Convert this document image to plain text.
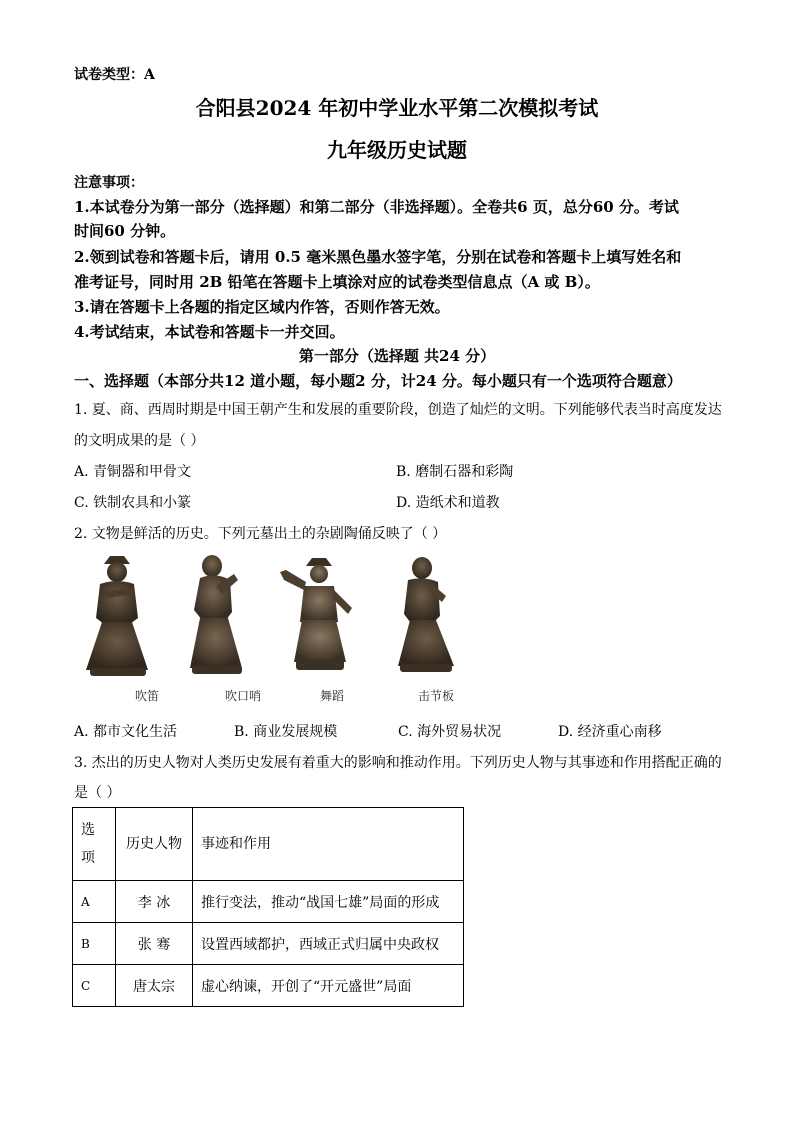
试卷类型：A
合阳县2024 年初中学业水平第二次模拟考试
九年级历史试题
注意事项：
1.本试卷分为第一部分（选择题）和第二部分（非选择题）。全卷共6 页，总分60 分。考试
时间60 分钟。
2.领到试卷和答题卡后，请用 0.5 毫米黑色墨水签字笔，分别在试卷和答题卡上填写姓名和
准考证号，同时用 2B 铅笔在答题卡上填涂对应的试卷类型信息点（A 或 B）。
3.请在答题卡上各题的指定区域内作答，否则作答无效。
4.考试结束，本试卷和答题卡一并交回。
第一部分（选择题 共24 分）
一、选择题（本部分共12 道小题，每小题2 分，计24 分。每小题只有一个选项符合题意）
1. 夏、商、西周时期是中国王朝产生和发展的重要阶段，创造了灿烂的文明。下列能够代表当时高度发达
的文明成果的是（ ）
A. 青铜器和甲骨文	B. 磨制石器和彩陶
C. 铁制农具和小篆	D. 造纸术和道教
2. 文物是鲜活的历史。下列元墓出土的杂剧陶俑反映了（ ）
吹笛	吹口哨	舞蹈	击节板
A. 都市文化生活	B. 商业发展规模	C. 海外贸易状况	D. 经济重心南移
3. 杰出的历史人物对人类历史发展有着重大的影响和推动作用。下列历史人物与其事迹和作用搭配正确的
是（ ）
选项	历史人物	事迹和作用
A	李 冰	推行变法，推动“战国七雄”局面的形成
B	张 骞	设置西域都护，西域正式归属中央政权
C	唐太宗	虚心纳谏，开创了“开元盛世”局面
